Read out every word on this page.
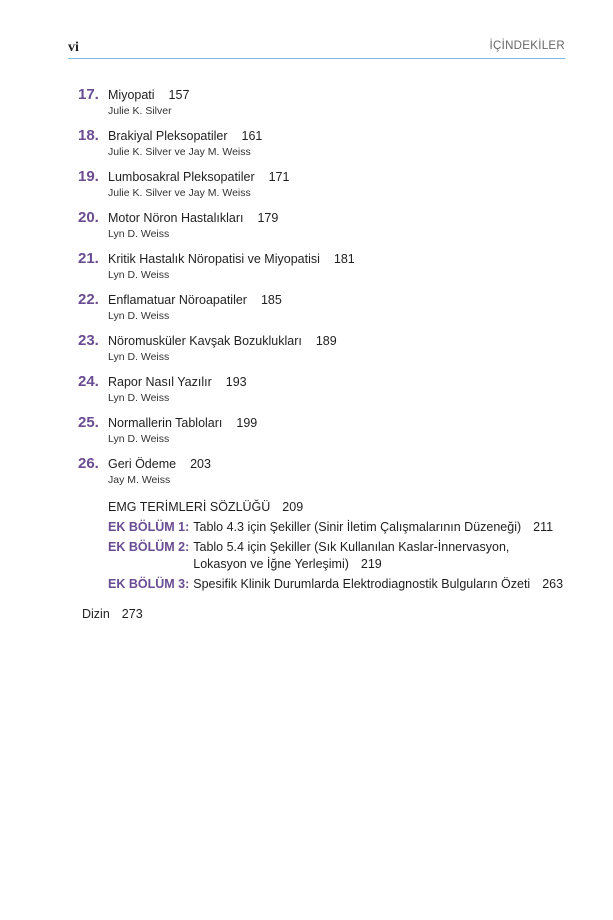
vi	İÇİNDEKİLER
17. Miyopati 157
Julie K. Silver
18. Brakiyal Pleksopatiler 161
Julie K. Silver ve Jay M. Weiss
19. Lumbosakral Pleksopatiler 171
Julie K. Silver ve Jay M. Weiss
20. Motor Nöron Hastalıkları 179
Lyn D. Weiss
21. Kritik Hastalık Nöropatisi ve Miyopatisi 181
Lyn D. Weiss
22. Enflamatuar Nöroapatiler 185
Lyn D. Weiss
23. Nöromusküler Kavşak Bozuklukları 189
Lyn D. Weiss
24. Rapor Nasıl Yazılır 193
Lyn D. Weiss
25. Normallerin Tabloları 199
Lyn D. Weiss
26. Geri Ödeme 203
Jay M. Weiss
EMG TERİMLERİ SÖZLÜĞÜ 209
EK BÖLÜM 1: Tablo 4.3 için Şekiller (Sinir İletim Çalışmalarının Düzeneği) 211
EK BÖLÜM 2: Tablo 5.4 için Şekiller (Sık Kullanılan Kaslar-İnnervasyon, Lokasyon ve İğne Yerleşimi) 219
EK BÖLÜM 3: Spesifik Klinik Durumlarda Elektrodiagnostik Bulguların Özeti 263
Dizin 273
